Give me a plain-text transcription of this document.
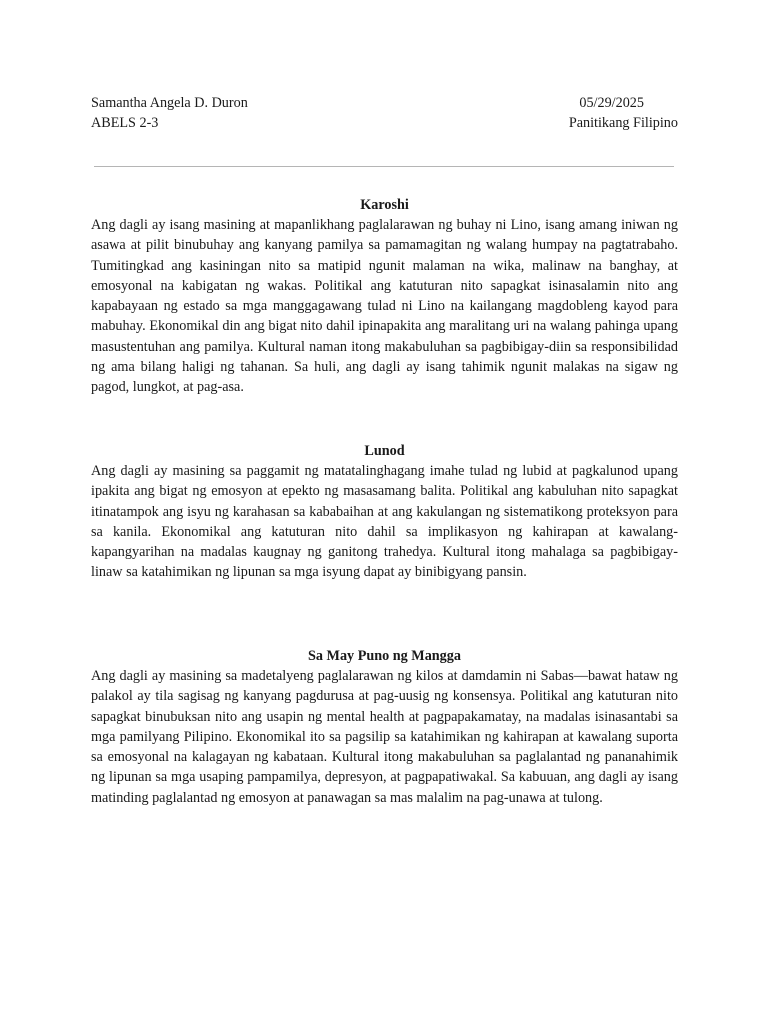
Samantha Angela D. Duron	05/29/2025
ABELS 2-3	Panitikang Filipino
Karoshi

Ang dagli ay isang masining at mapanlikhang paglalarawan ng buhay ni Lino, isang amang iniwan ng asawa at pilit binubuhay ang kanyang pamilya sa pamamagitan ng walang humpay na pagtatrabaho. Tumitingkad ang kasiningan nito sa matipid ngunit malaman na wika, malinaw na banghay, at emosyonal na kabigatan ng wakas. Politikal ang katuturan nito sapagkat isinasalamin nito ang kapabayaan ng estado sa mga manggagawang tulad ni Lino na kailangang magdobleng kayod para mabuhay. Ekonomikal din ang bigat nito dahil ipinapakita ang maralitang uri na walang pahinga upang masustentuhan ang pamilya. Kultural naman itong makabuluhan sa pagbibigay-diin sa responsibilidad ng ama bilang haligi ng tahanan. Sa huli, ang dagli ay isang tahimik ngunit malakas na sigaw ng pagod, lungkot, at pag-asa.

Lunod

Ang dagli ay masining sa paggamit ng matatalinghagang imahe tulad ng lubid at pagkalunod upang ipakita ang bigat ng emosyon at epekto ng masasamang balita. Politikal ang kabuluhan nito sapagkat itinatampok ang isyu ng karahasan sa kababaihan at ang kakulangan ng sistematikong proteksyon para sa kanila. Ekonomikal ang katuturan nito dahil sa implikasyon ng kahirapan at kawalang-kapangyarihan na madalas kaugnay ng ganitong trahedya. Kultural itong mahalaga sa pagbibigay-linaw sa katahimikan ng lipunan sa mga isyung dapat ay binibigyang pansin.

Sa May Puno ng Mangga

Ang dagli ay masining sa madetalyeng paglalarawan ng kilos at damdamin ni Sabas—bawat hataw ng palakol ay tila sagisag ng kanyang pagdurusa at pag-uusig ng konsensya. Politikal ang katuturan nito sapagkat binubuksan nito ang usapin ng mental health at pagpapakamatay, na madalas isinasantabi sa mga pamilyang Pilipino. Ekonomikal ito sa pagsilip sa katahimikan ng kahirapan at kawalang suporta sa emosyonal na kalagayan ng kabataan. Kultural itong makabuluhan sa paglalantad ng pananahimik ng lipunan sa mga usaping pampamilya, depresyon, at pagpapatiwakal. Sa kabuuan, ang dagli ay isang matinding paglalantad ng emosyon at panawagan sa mas malalim na pag-unawa at tulong.
